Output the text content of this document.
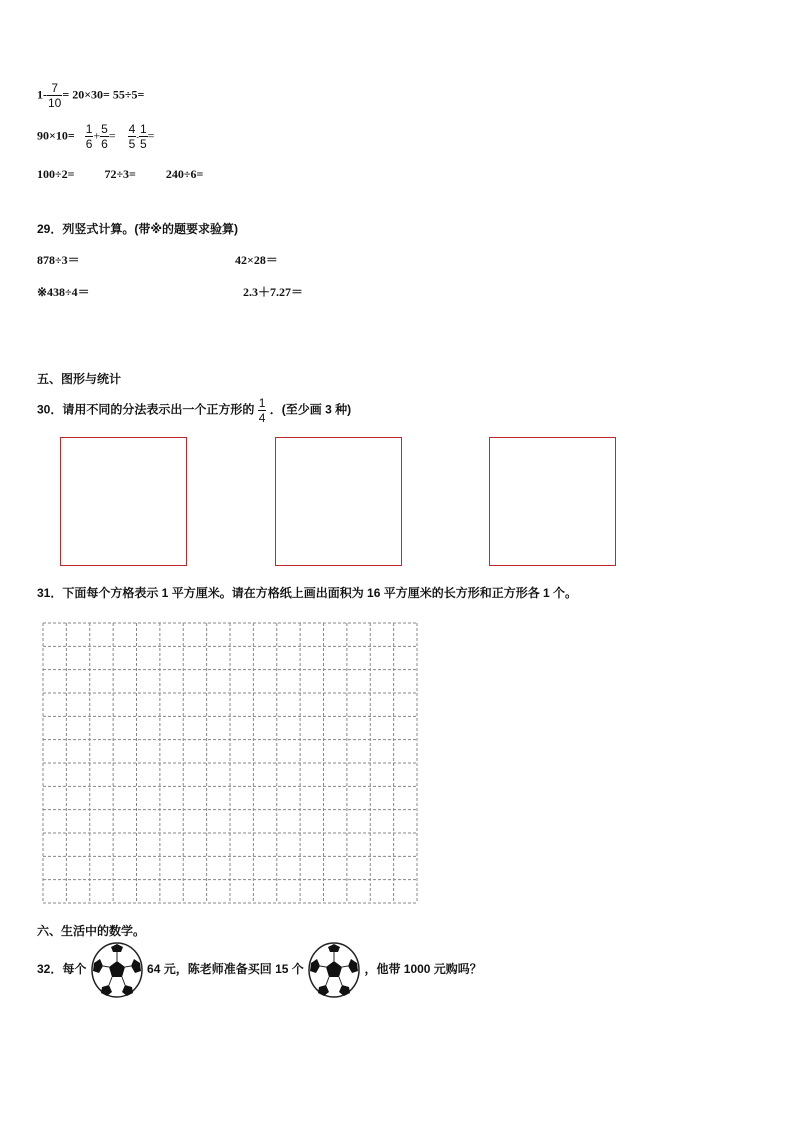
$1- \frac{7}{10} = 20\times 30= 55\div 5=$
$90\times 10= \frac{1}{6} + \frac{5}{6} = \frac{4}{5} - \frac{1}{5}$ =
100÷2=	72÷3=	240÷6=
29．列竖式计算。(带※的题要求验算)
878÷3＝	42×28＝
※438÷4＝	2.3＋7.27＝
五、图形与统计
30．请用不同的分法表示出一个正方形的 $\frac{1}{4}$ ．(至少画 3 种)
31．下面每个方格表示 1 平方厘米。请在方格纸上画出面积为 16 平方厘米的长方形和正方形各 1 个。
六、生活中的数学。
32．每个	64 元，陈老师准备买回 15 个	，他带 1000 元购吗？
